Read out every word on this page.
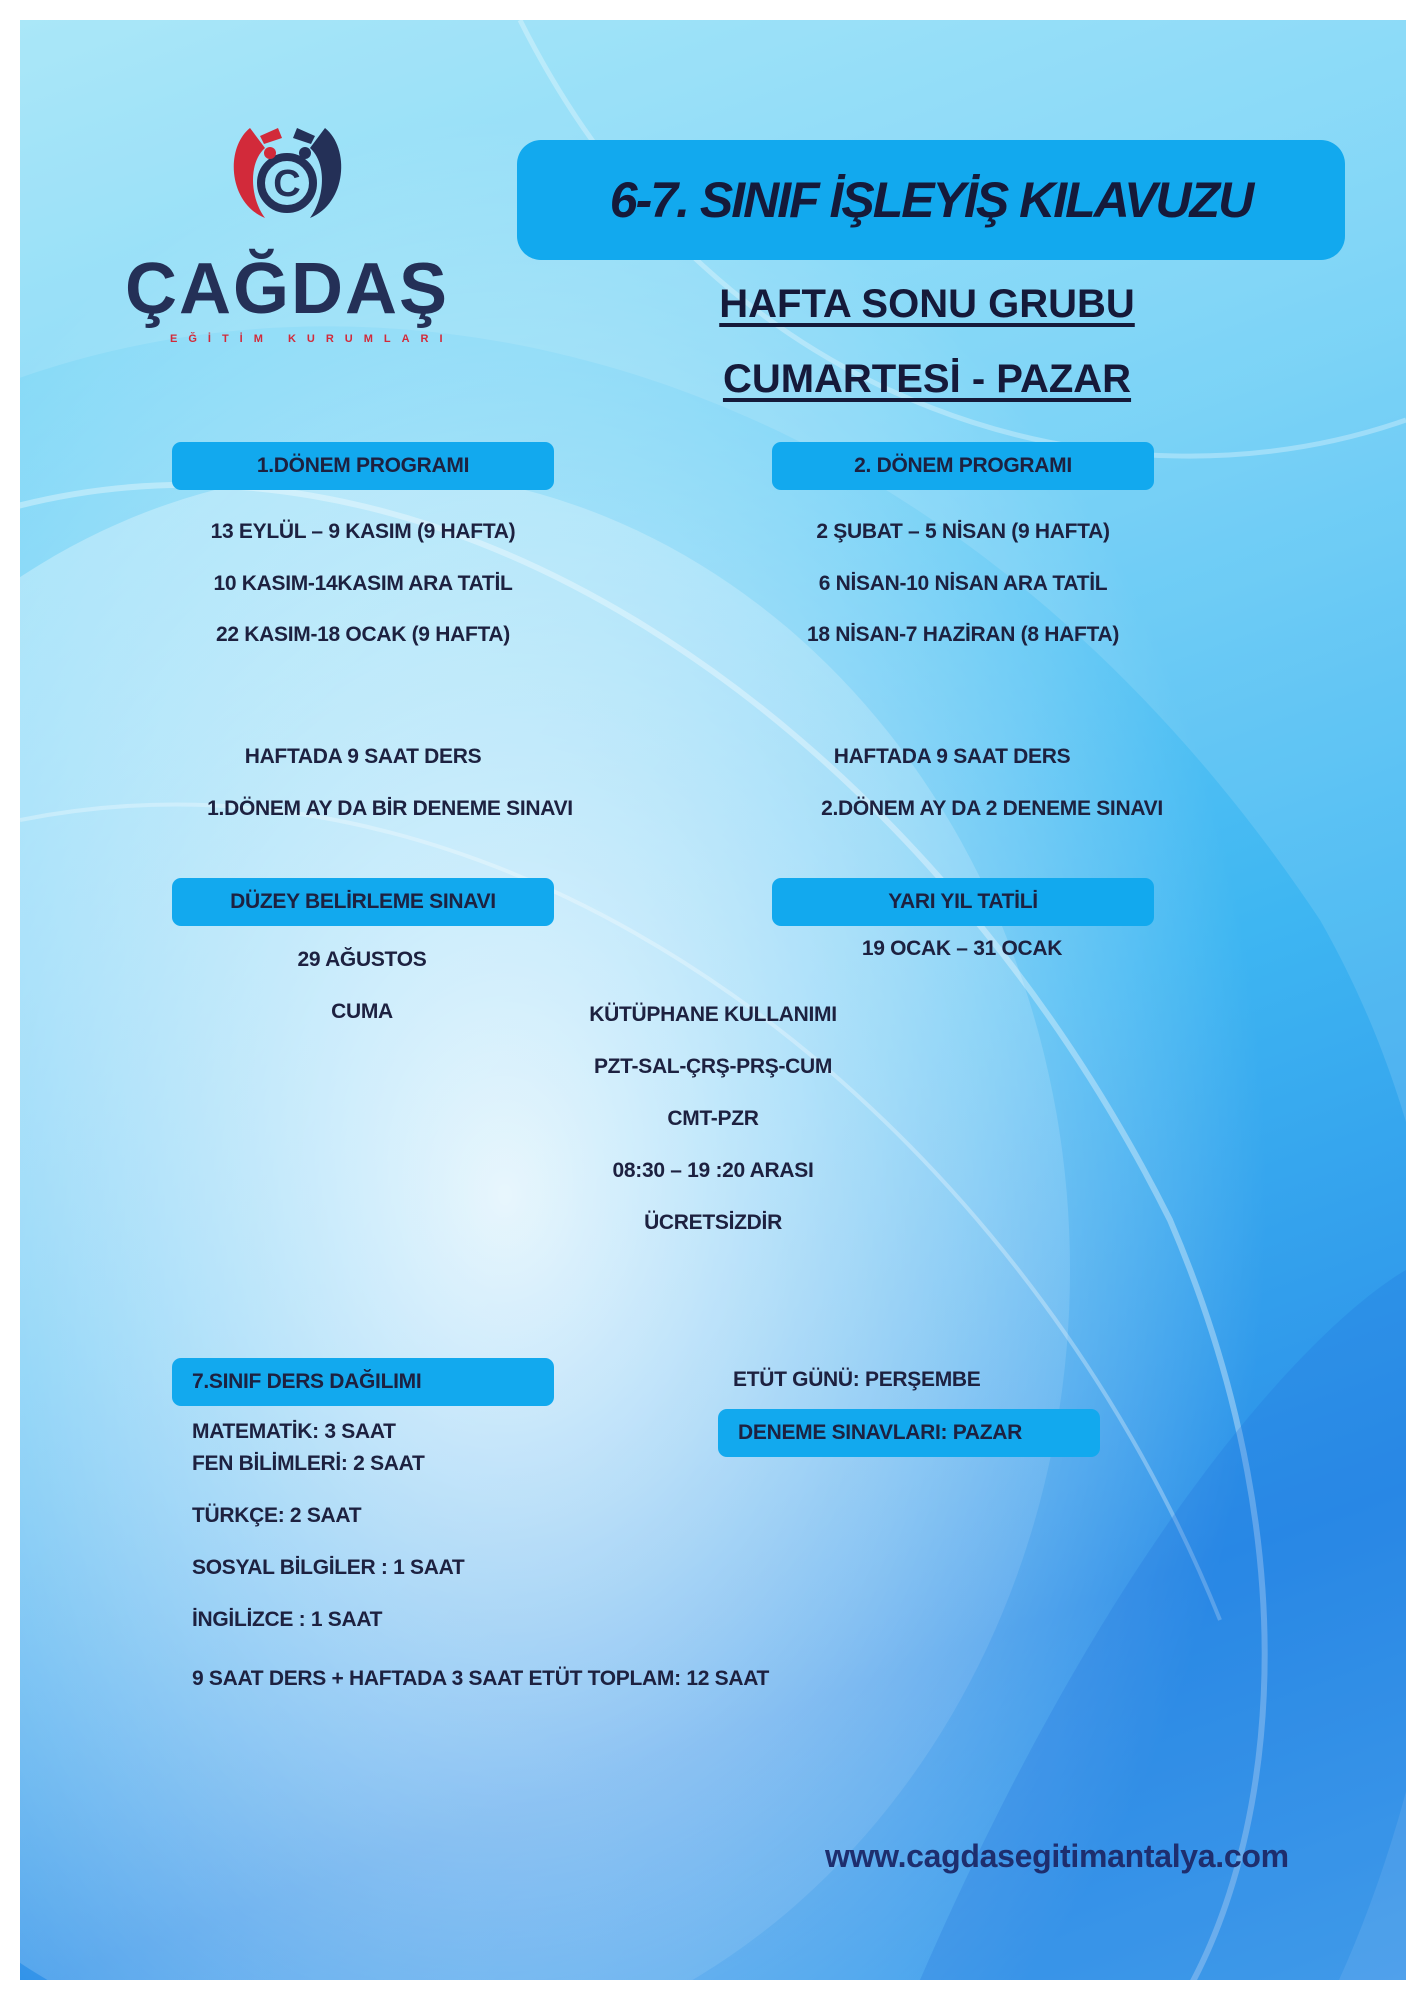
C
ÇAĞDAŞ
EĞİTİM KURUMLARI
6-7. SINIF İŞLEYİŞ KILAVUZU
HAFTA SONU GRUBU
CUMARTESİ - PAZAR
1.DÖNEM PROGRAMI
13 EYLÜL – 9 KASIM (9 HAFTA)
10 KASIM-14KASIM ARA TATİL
22 KASIM-18 OCAK (9 HAFTA)
HAFTADA 9 SAAT DERS
1.DÖNEM AY DA BİR DENEME SINAVI
2. DÖNEM PROGRAMI
2 ŞUBAT – 5 NİSAN (9 HAFTA)
6 NİSAN-10 NİSAN ARA TATİL
18 NİSAN-7 HAZİRAN (8 HAFTA)
HAFTADA 9 SAAT DERS
2.DÖNEM AY DA 2 DENEME SINAVI
DÜZEY BELİRLEME SINAVI
29 AĞUSTOS
CUMA
YARI YIL TATİLİ
19 OCAK – 31 OCAK
KÜTÜPHANE KULLANIMI
PZT-SAL-ÇRŞ-PRŞ-CUM
CMT-PZR
08:30 – 19 :20 ARASI
ÜCRETSİZDİR
7.SINIF DERS DAĞILIMI
MATEMATİK: 3 SAAT
FEN BİLİMLERİ: 2 SAAT
TÜRKÇE: 2 SAAT
SOSYAL BİLGİLER : 1 SAAT
İNGİLİZCE : 1 SAAT
9 SAAT DERS + HAFTADA 3 SAAT ETÜT TOPLAM: 12 SAAT
ETÜT GÜNÜ: PERŞEMBE
DENEME SINAVLARI: PAZAR
www.cagdasegitimantalya.com
